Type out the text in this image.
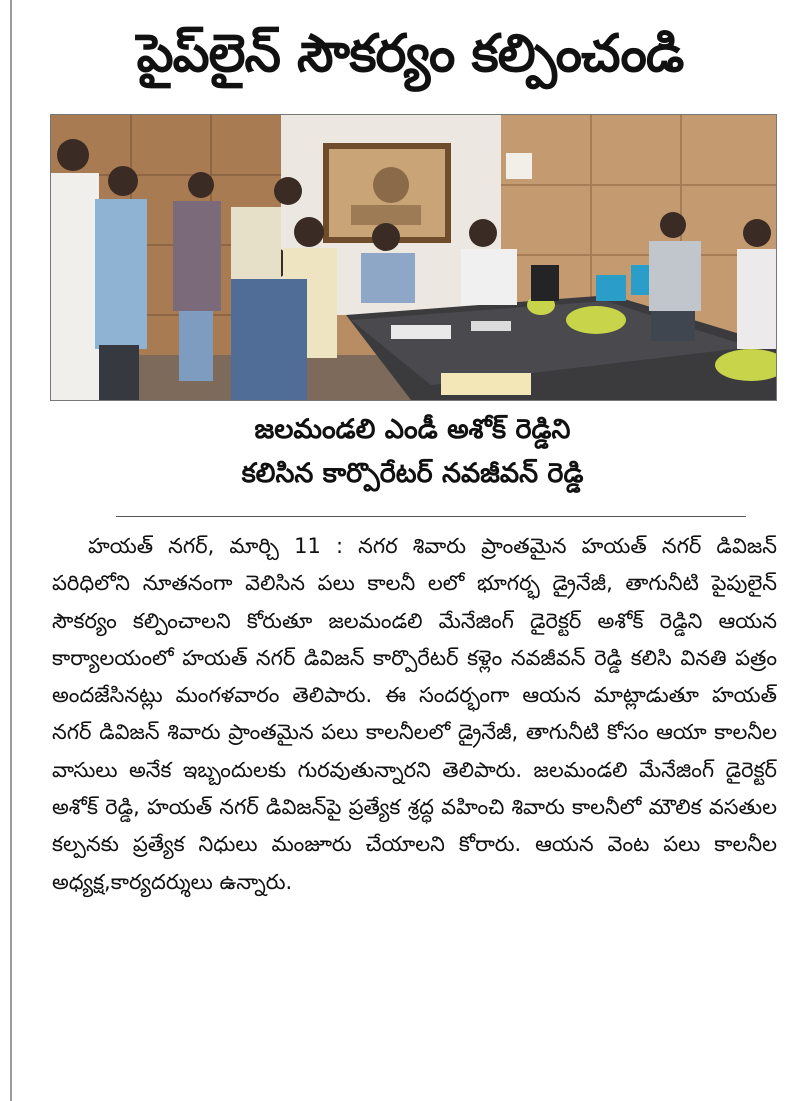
పైప్‌లైన్ సౌకర్యం కల్పించండి
జలమండలి ఎండీ అశోక్ రెడ్డిని
కలిసిన కార్పొరేటర్ నవజీవన్ రెడ్డి

హయత్ నగర్, మార్చి 11 : నగర శివారు ప్రాంతమైన హయత్ నగర్ డివిజన్ పరిధిలోని నూతనంగా వెలిసిన పలు కాలనీ లలో భూగర్భ డ్రైనేజీ, తాగునీటి పైపులైన్ సౌకర్యం కల్పించాలని కోరుతూ జలమండలి మేనేజింగ్ డైరెక్టర్ అశోక్ రెడ్డిని ఆయన కార్యాలయంలో హయత్ నగర్ డివిజన్ కార్పొరేటర్ కళ్లెం నవజీవన్ రెడ్డి కలిసి వినతి పత్రం అందజేసినట్లు మంగళవారం తెలిపారు. ఈ సందర్భంగా ఆయన మాట్లాడుతూ హయత్ నగర్ డివిజన్ శివారు ప్రాంతమైన పలు కాలనీలలో డ్రైనేజీ, తాగునీటి కోసం ఆయా కాలనీల వాసులు అనేక ఇబ్బందులకు గురవుతున్నారని తెలిపారు. జలమండలి మేనేజింగ్ డైరెక్టర్ అశోక్ రెడ్డి, హయత్ నగర్ డివిజన్‌పై ప్రత్యేక శ్రద్ధ వహించి శివారు కాలనీలో మౌలిక వసతుల కల్పనకు ప్రత్యేక నిధులు మంజూరు చేయాలని కోరారు. ఆయన వెంట పలు కాలనీల అధ్యక్ష,కార్యదర్శులు ఉన్నారు.
